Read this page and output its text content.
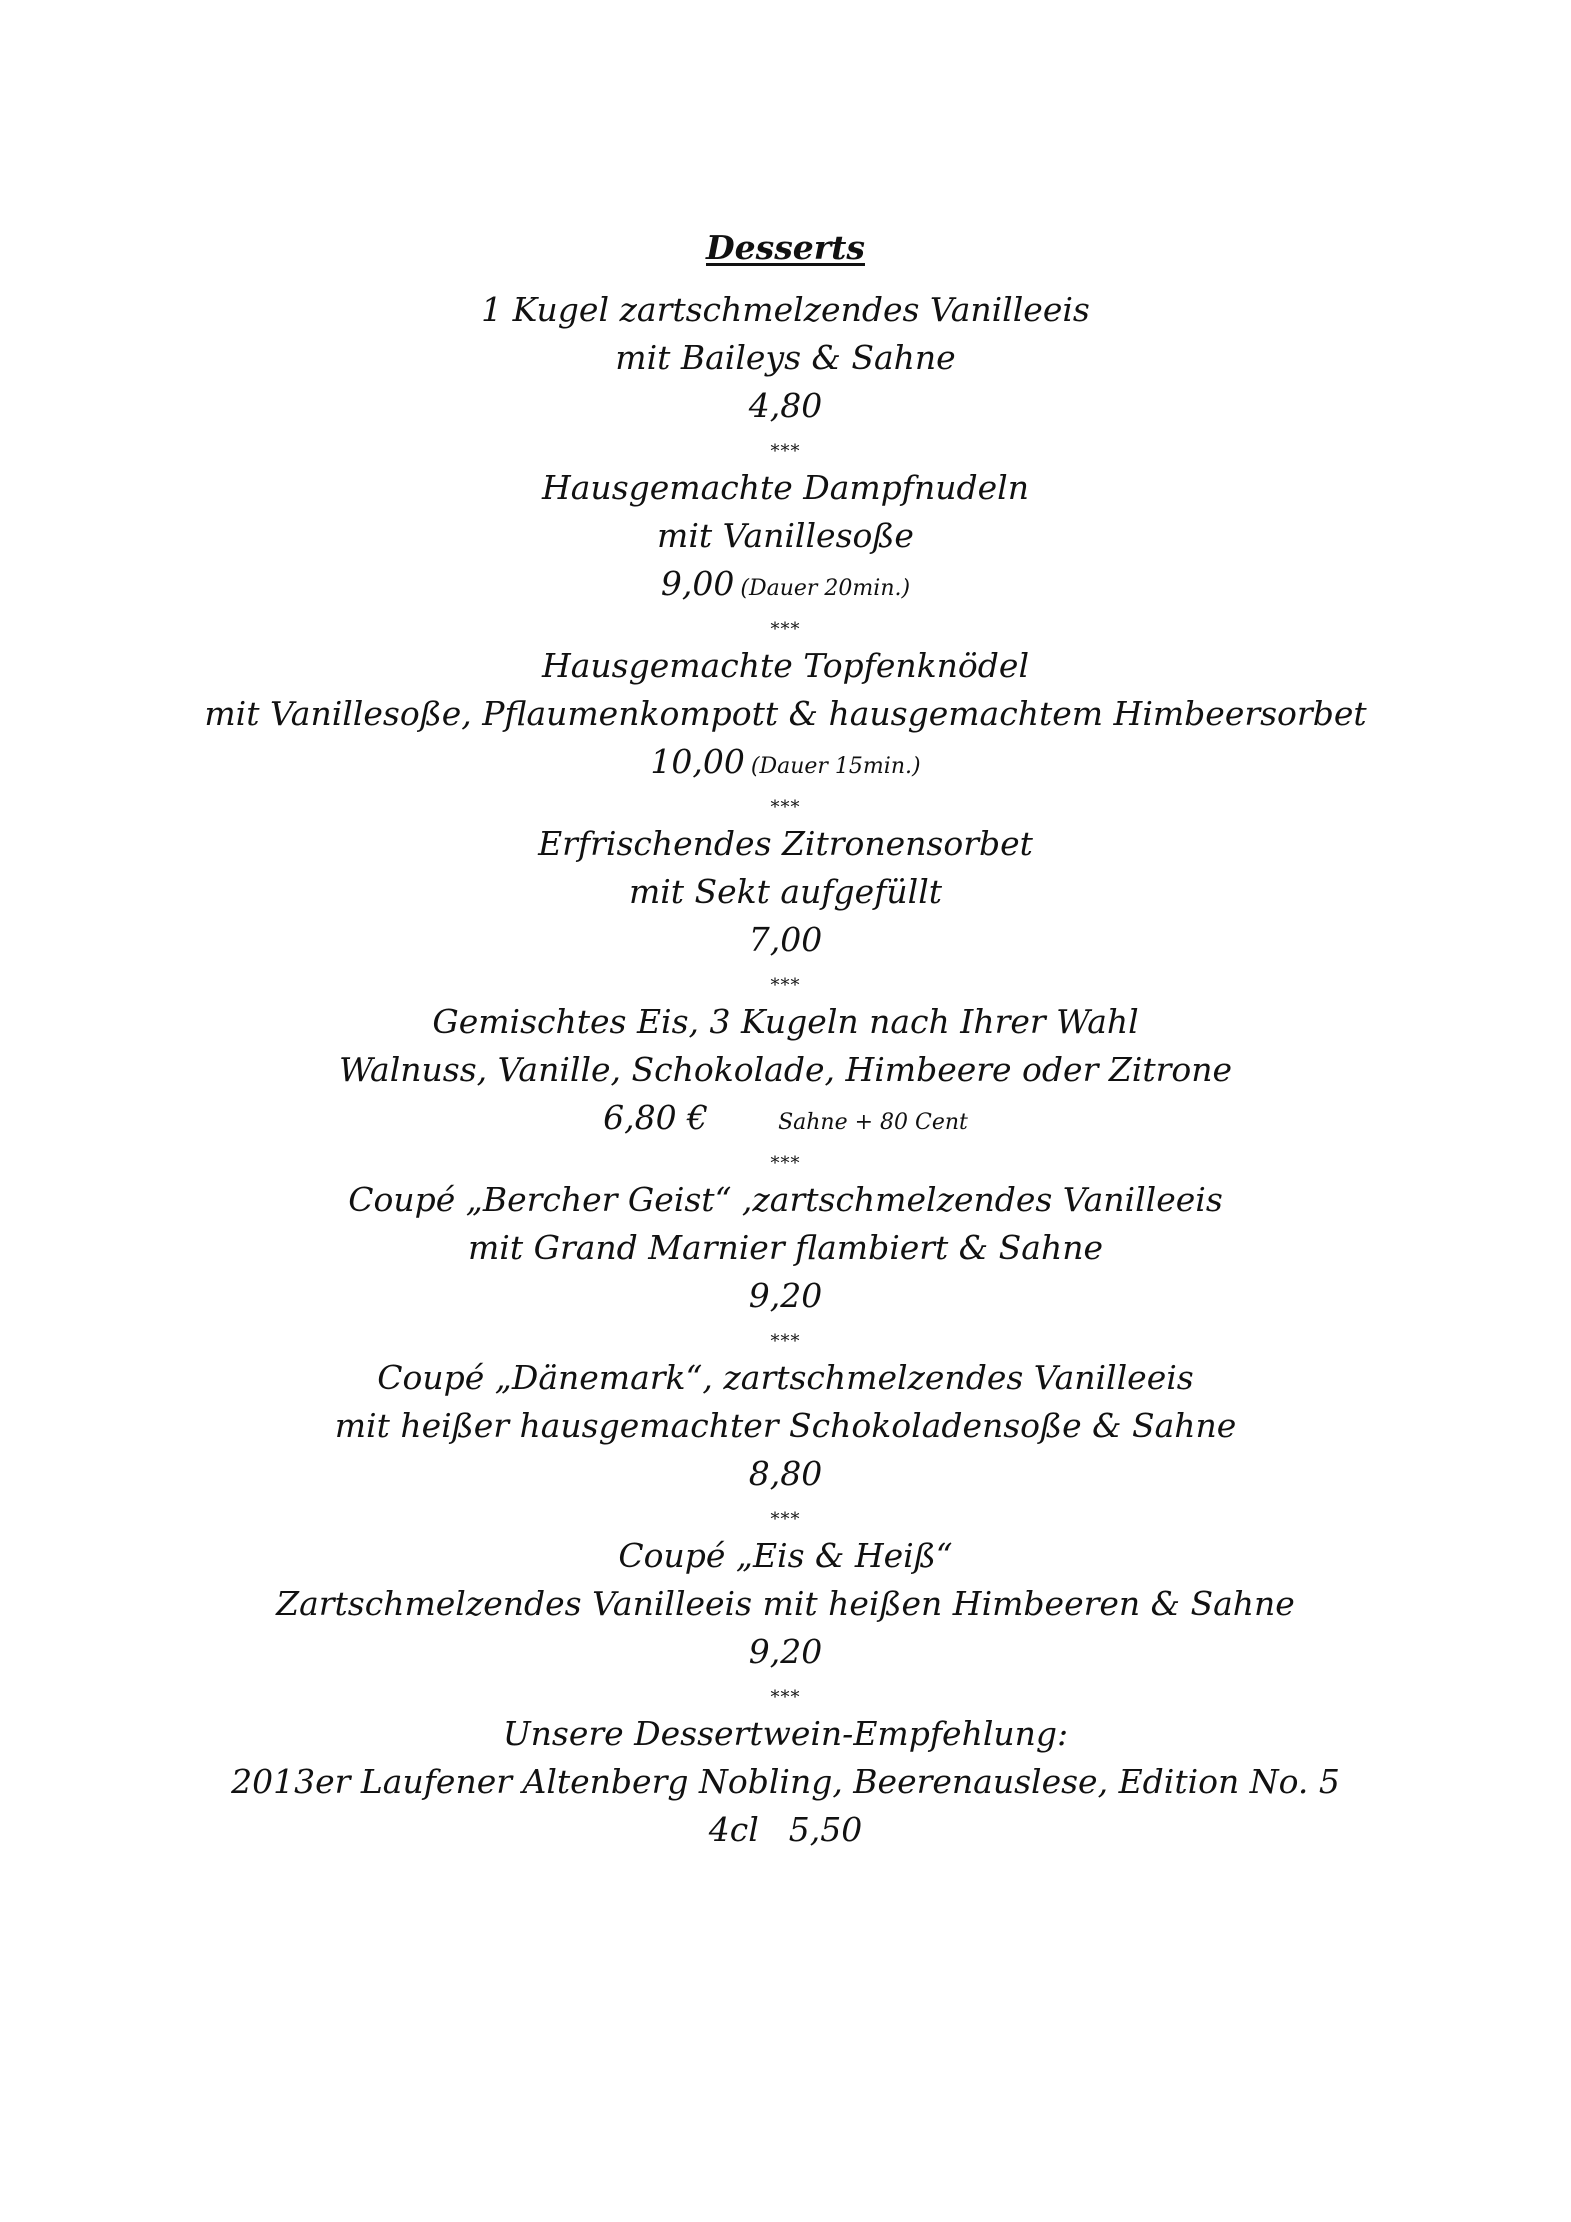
Desserts
1 Kugel zartschmelzendes Vanilleeis
mit Baileys & Sahne
4,80
***
Hausgemachte Dampfnudeln
mit Vanillesoße
9,00 (Dauer 20min.)
***
Hausgemachte Topfenknödel
mit Vanillesoße, Pflaumenkompott & hausgemachtem Himbeersorbet
10,00 (Dauer 15min.)
***
Erfrischendes Zitronensorbet
mit Sekt aufgefüllt
7,00
***
Gemischtes Eis, 3 Kugeln nach Ihrer Wahl
Walnuss, Vanille, Schokolade, Himbeere oder Zitrone
6,80 €	Sahne + 80 Cent
***
Coupé „Bercher Geist“ ,zartschmelzendes Vanilleeis
mit Grand Marnier flambiert & Sahne
9,20
***
Coupé „Dänemark“, zartschmelzendes Vanilleeis
mit heißer hausgemachter Schokoladensoße & Sahne
8,80
***
Coupé „Eis & Heiß“
Zartschmelzendes Vanilleeis mit heißen Himbeeren & Sahne
9,20
***
Unsere Dessertwein-Empfehlung:
2013er Laufener Altenberg Nobling, Beerenauslese, Edition No. 5
4cl 5,50
